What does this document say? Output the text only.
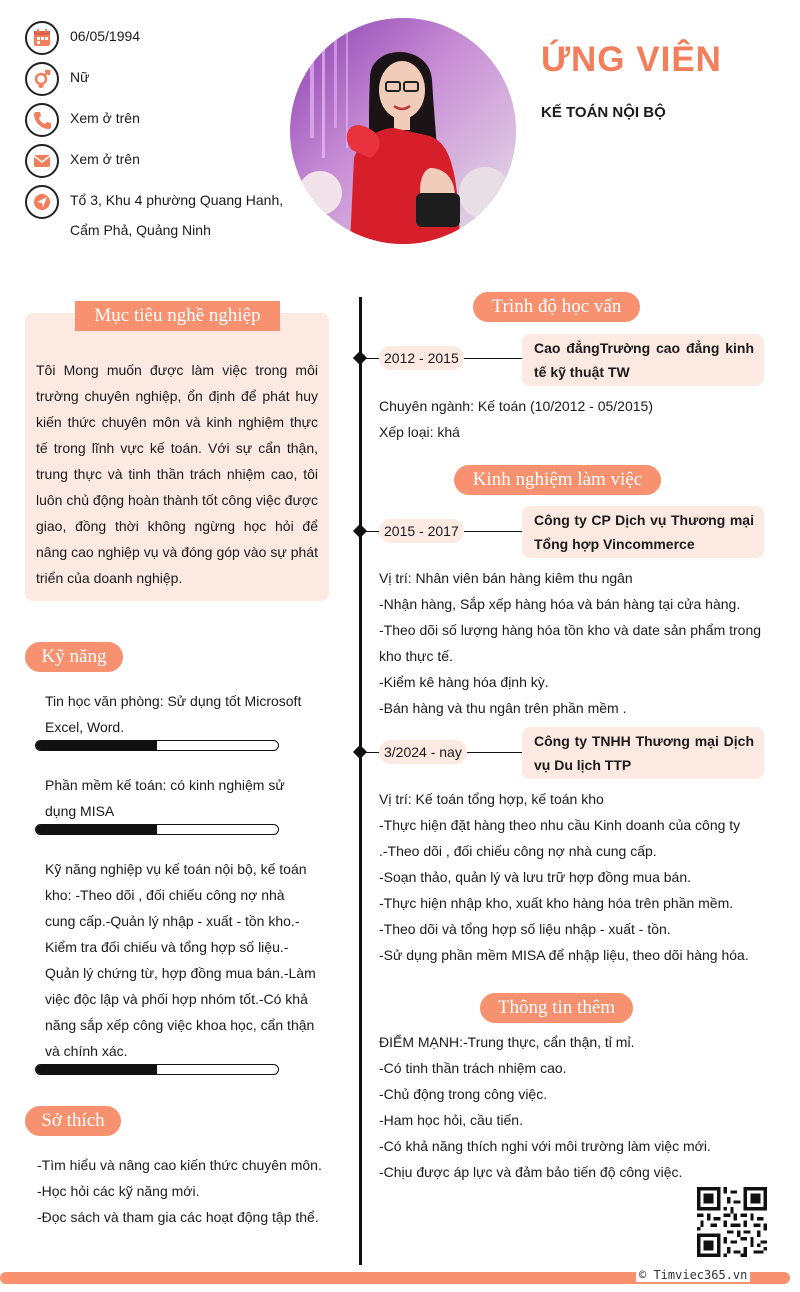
06/05/1994
Nữ
Xem ở trên
Xem ở trên
Tổ 3, Khu 4 phường Quang Hanh,
Cẩm Phả, Quảng Ninh
ỨNG VIÊN
KẾ TOÁN NỘI BỘ
Mục tiêu nghề nghiệp
Tôi Mong muốn được làm việc trong môi trường chuyên nghiệp, ổn định để phát huy kiến thức chuyên môn và kinh nghiệm thực tế trong lĩnh vực kế toán. Với sự cẩn thận, trung thực và tinh thần trách nhiệm cao, tôi luôn chủ động hoàn thành tốt công việc được giao, đồng thời không ngừng học hỏi để nâng cao nghiệp vụ và đóng góp vào sự phát triển của doanh nghiệp.
Kỹ năng
Tin học văn phòng: Sử dụng tốt Microsoft Excel, Word.
Phần mềm kế toán: có kinh nghiệm sử dụng MISA
Kỹ năng nghiệp vụ kế toán nội bộ, kế toán kho: -Theo dõi , đối chiếu công nợ nhà cung cấp.-Quản lý nhập - xuất - tồn kho.-Kiểm tra đối chiếu và tổng hợp số liệu.-Quản lý chứng từ, hợp đồng mua bán.-Làm việc độc lập và phối hợp nhóm tốt.-Có khả năng sắp xếp công việc khoa học, cẩn thận và chính xác.
Sở thích
-Tìm hiểu và nâng cao kiến thức chuyên môn.
-Học hỏi các kỹ năng mới.
-Đọc sách và tham gia các hoạt động tập thể.
Trình độ học vấn
2012 - 2015
Cao đẳngTrường cao đẳng kinh tế kỹ thuật TW
Chuyên ngành: Kế toán (10/2012 - 05/2015)
Xếp loại: khá
Kinh nghiệm làm việc
2015 - 2017
Công ty CP Dịch vụ Thương mại Tổng hợp Vincommerce
Vị trí: Nhân viên bán hàng kiêm thu ngân
-Nhận hàng, Sắp xếp hàng hóa và bán hàng tại cửa hàng.
-Theo dõi số lượng hàng hóa tồn kho và date sản phẩm trong kho thực tế.
-Kiểm kê hàng hóa định kỳ.
-Bán hàng và thu ngân trên phần mềm .
3/2024 - nay
Công ty TNHH Thương mại Dịch vụ Du lịch TTP
Vị trí: Kế toán tổng hợp, kế toán kho
-Thực hiện đặt hàng theo nhu cầu Kinh doanh của công ty
.-Theo dõi , đối chiếu công nợ nhà cung cấp.
-Soạn thảo, quản lý và lưu trữ hợp đồng mua bán.
-Thực hiện nhập kho, xuất kho hàng hóa trên phần mềm.
-Theo dõi và tổng hợp số liệu nhập - xuất - tồn.
-Sử dụng phần mềm MISA để nhập liệu, theo dõi hàng hóa.
Thông tin thêm
ĐIỂM MẠNH:-Trung thực, cẩn thận, tỉ mỉ.
-Có tinh thần trách nhiệm cao.
-Chủ động trong công việc.
-Ham học hỏi, cầu tiến.
-Có khả năng thích nghi với môi trường làm việc mới.
-Chịu được áp lực và đảm bảo tiến độ công việc.
© Timviec365.vn
